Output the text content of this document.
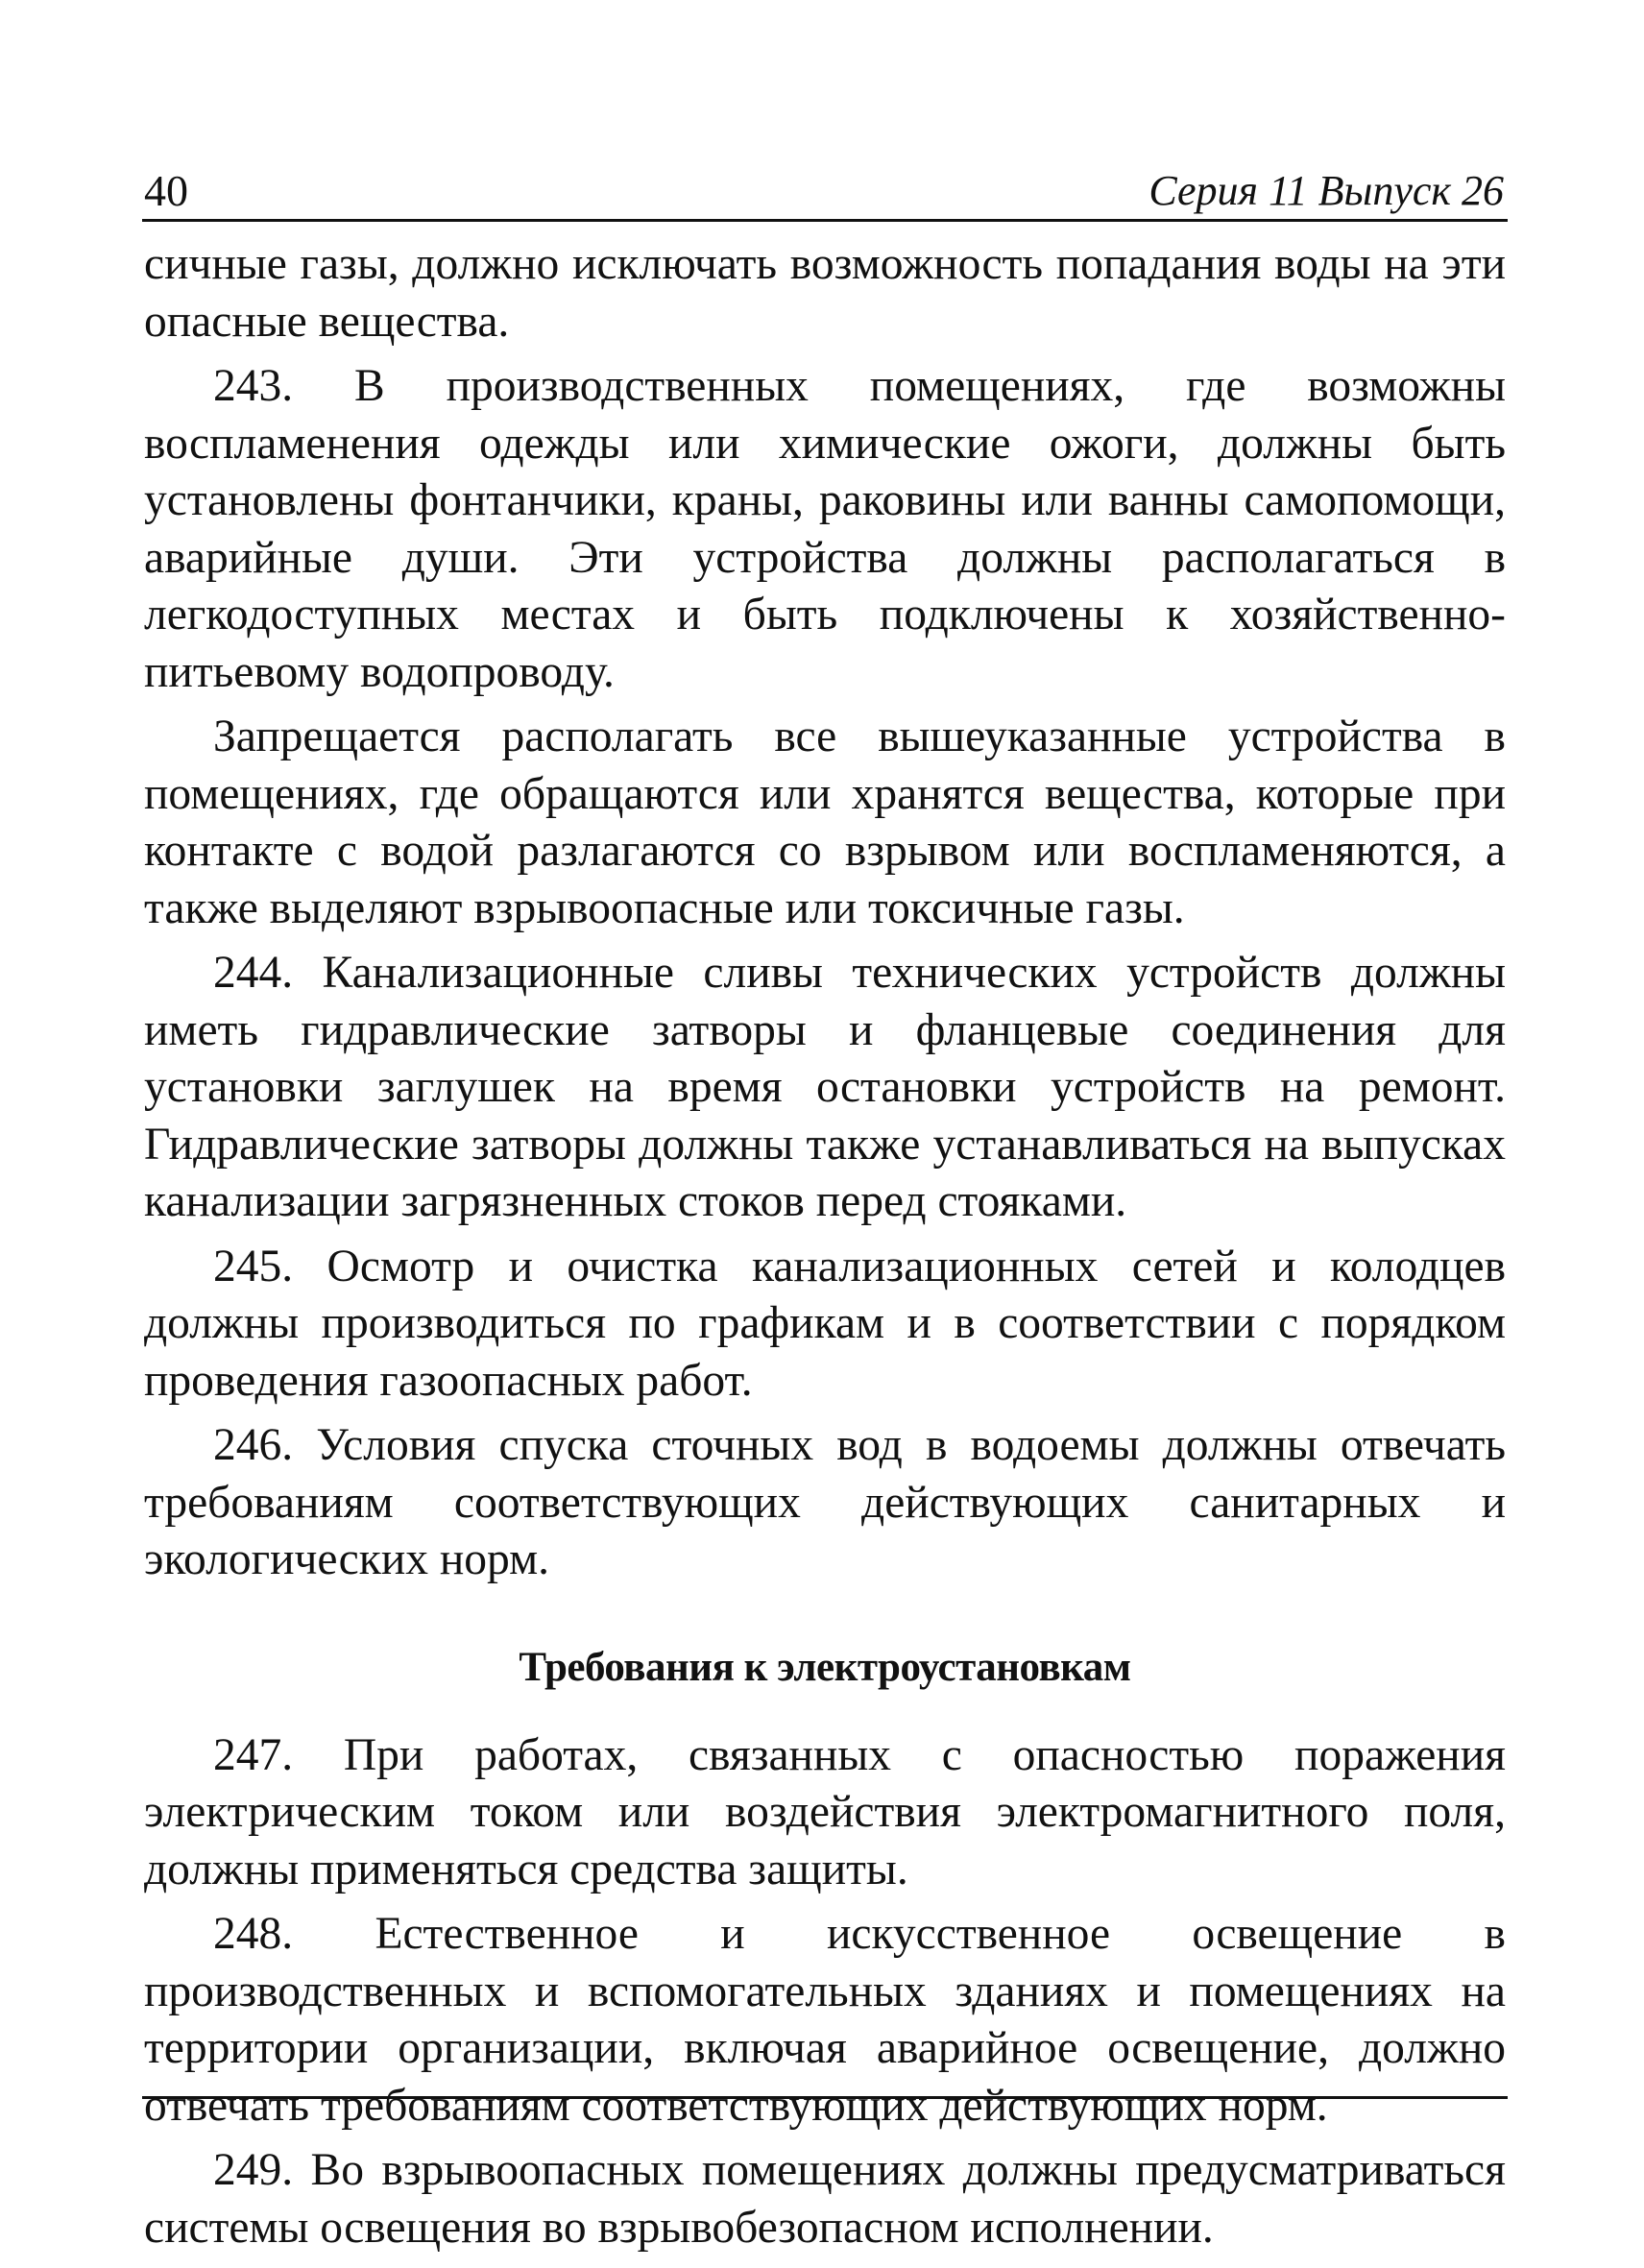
40	Серия 11 Выпуск 26

сичные газы, должно исключать возможность попадания воды на эти опасные вещества.

243. В производственных помещениях, где возможны воспламенения одежды или химические ожоги, должны быть установлены фонтанчики, краны, раковины или ванны самопомощи, аварийные души. Эти устройства должны располагаться в легкодоступных местах и быть подключены к хозяйственно-питьевому водопроводу.

Запрещается располагать все вышеуказанные устройства в помещениях, где обращаются или хранятся вещества, которые при контакте с водой разлагаются со взрывом или воспламеняются, а также выделяют взрывоопасные или токсичные газы.

244. Канализационные сливы технических устройств должны иметь гидравлические затворы и фланцевые соединения для установки заглушек на время остановки устройств на ремонт. Гидравлические затворы должны также устанавливаться на выпусках канализации загрязненных стоков перед стояками.

245. Осмотр и очистка канализационных сетей и колодцев должны производиться по графикам и в соответствии с порядком проведения газоопасных работ.

246. Условия спуска сточных вод в водоемы должны отвечать требованиям соответствующих действующих санитарных и экологических норм.

Требования к электроустановкам

247. При работах, связанных с опасностью поражения электрическим током или воздействия электромагнитного поля, должны применяться средства защиты.

248. Естественное и искусственное освещение в производственных и вспомогательных зданиях и помещениях на территории организации, включая аварийное освещение, должно отвечать требованиям соответствующих действующих норм.

249. Во взрывоопасных помещениях должны предусматриваться системы освещения во взрывобезопасном исполнении.
